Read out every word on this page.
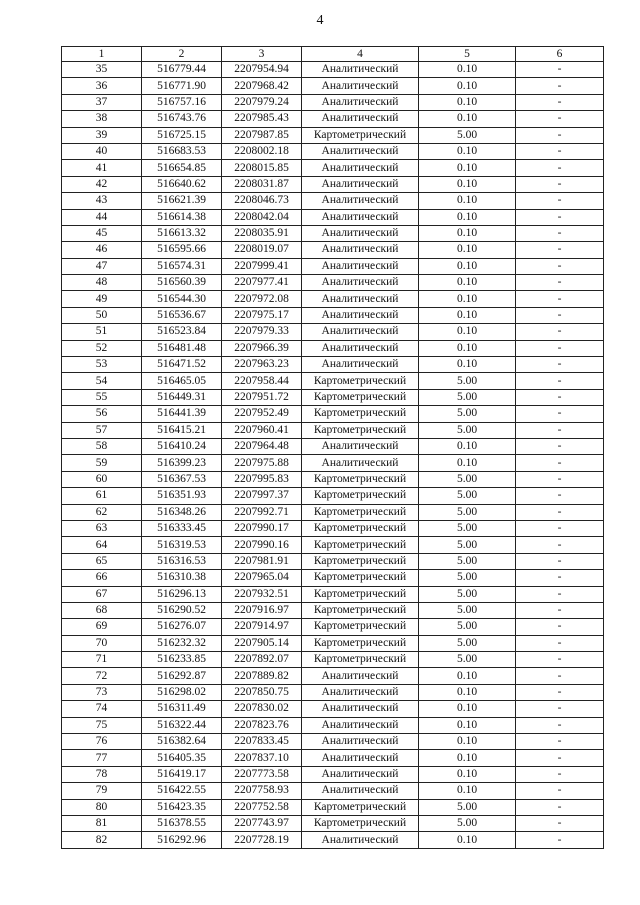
4
1	2	3	4	5	6
35	516779.44	2207954.94	Аналитический	0.10	-
36	516771.90	2207968.42	Аналитический	0.10	-
37	516757.16	2207979.24	Аналитический	0.10	-
38	516743.76	2207985.43	Аналитический	0.10	-
39	516725.15	2207987.85	Картометрический	5.00	-
40	516683.53	2208002.18	Аналитический	0.10	-
41	516654.85	2208015.85	Аналитический	0.10	-
42	516640.62	2208031.87	Аналитический	0.10	-
43	516621.39	2208046.73	Аналитический	0.10	-
44	516614.38	2208042.04	Аналитический	0.10	-
45	516613.32	2208035.91	Аналитический	0.10	-
46	516595.66	2208019.07	Аналитический	0.10	-
47	516574.31	2207999.41	Аналитический	0.10	-
48	516560.39	2207977.41	Аналитический	0.10	-
49	516544.30	2207972.08	Аналитический	0.10	-
50	516536.67	2207975.17	Аналитический	0.10	-
51	516523.84	2207979.33	Аналитический	0.10	-
52	516481.48	2207966.39	Аналитический	0.10	-
53	516471.52	2207963.23	Аналитический	0.10	-
54	516465.05	2207958.44	Картометрический	5.00	-
55	516449.31	2207951.72	Картометрический	5.00	-
56	516441.39	2207952.49	Картометрический	5.00	-
57	516415.21	2207960.41	Картометрический	5.00	-
58	516410.24	2207964.48	Аналитический	0.10	-
59	516399.23	2207975.88	Аналитический	0.10	-
60	516367.53	2207995.83	Картометрический	5.00	-
61	516351.93	2207997.37	Картометрический	5.00	-
62	516348.26	2207992.71	Картометрический	5.00	-
63	516333.45	2207990.17	Картометрический	5.00	-
64	516319.53	2207990.16	Картометрический	5.00	-
65	516316.53	2207981.91	Картометрический	5.00	-
66	516310.38	2207965.04	Картометрический	5.00	-
67	516296.13	2207932.51	Картометрический	5.00	-
68	516290.52	2207916.97	Картометрический	5.00	-
69	516276.07	2207914.97	Картометрический	5.00	-
70	516232.32	2207905.14	Картометрический	5.00	-
71	516233.85	2207892.07	Картометрический	5.00	-
72	516292.87	2207889.82	Аналитический	0.10	-
73	516298.02	2207850.75	Аналитический	0.10	-
74	516311.49	2207830.02	Аналитический	0.10	-
75	516322.44	2207823.76	Аналитический	0.10	-
76	516382.64	2207833.45	Аналитический	0.10	-
77	516405.35	2207837.10	Аналитический	0.10	-
78	516419.17	2207773.58	Аналитический	0.10	-
79	516422.55	2207758.93	Аналитический	0.10	-
80	516423.35	2207752.58	Картометрический	5.00	-
81	516378.55	2207743.97	Картометрический	5.00	-
82	516292.96	2207728.19	Аналитический	0.10	-
